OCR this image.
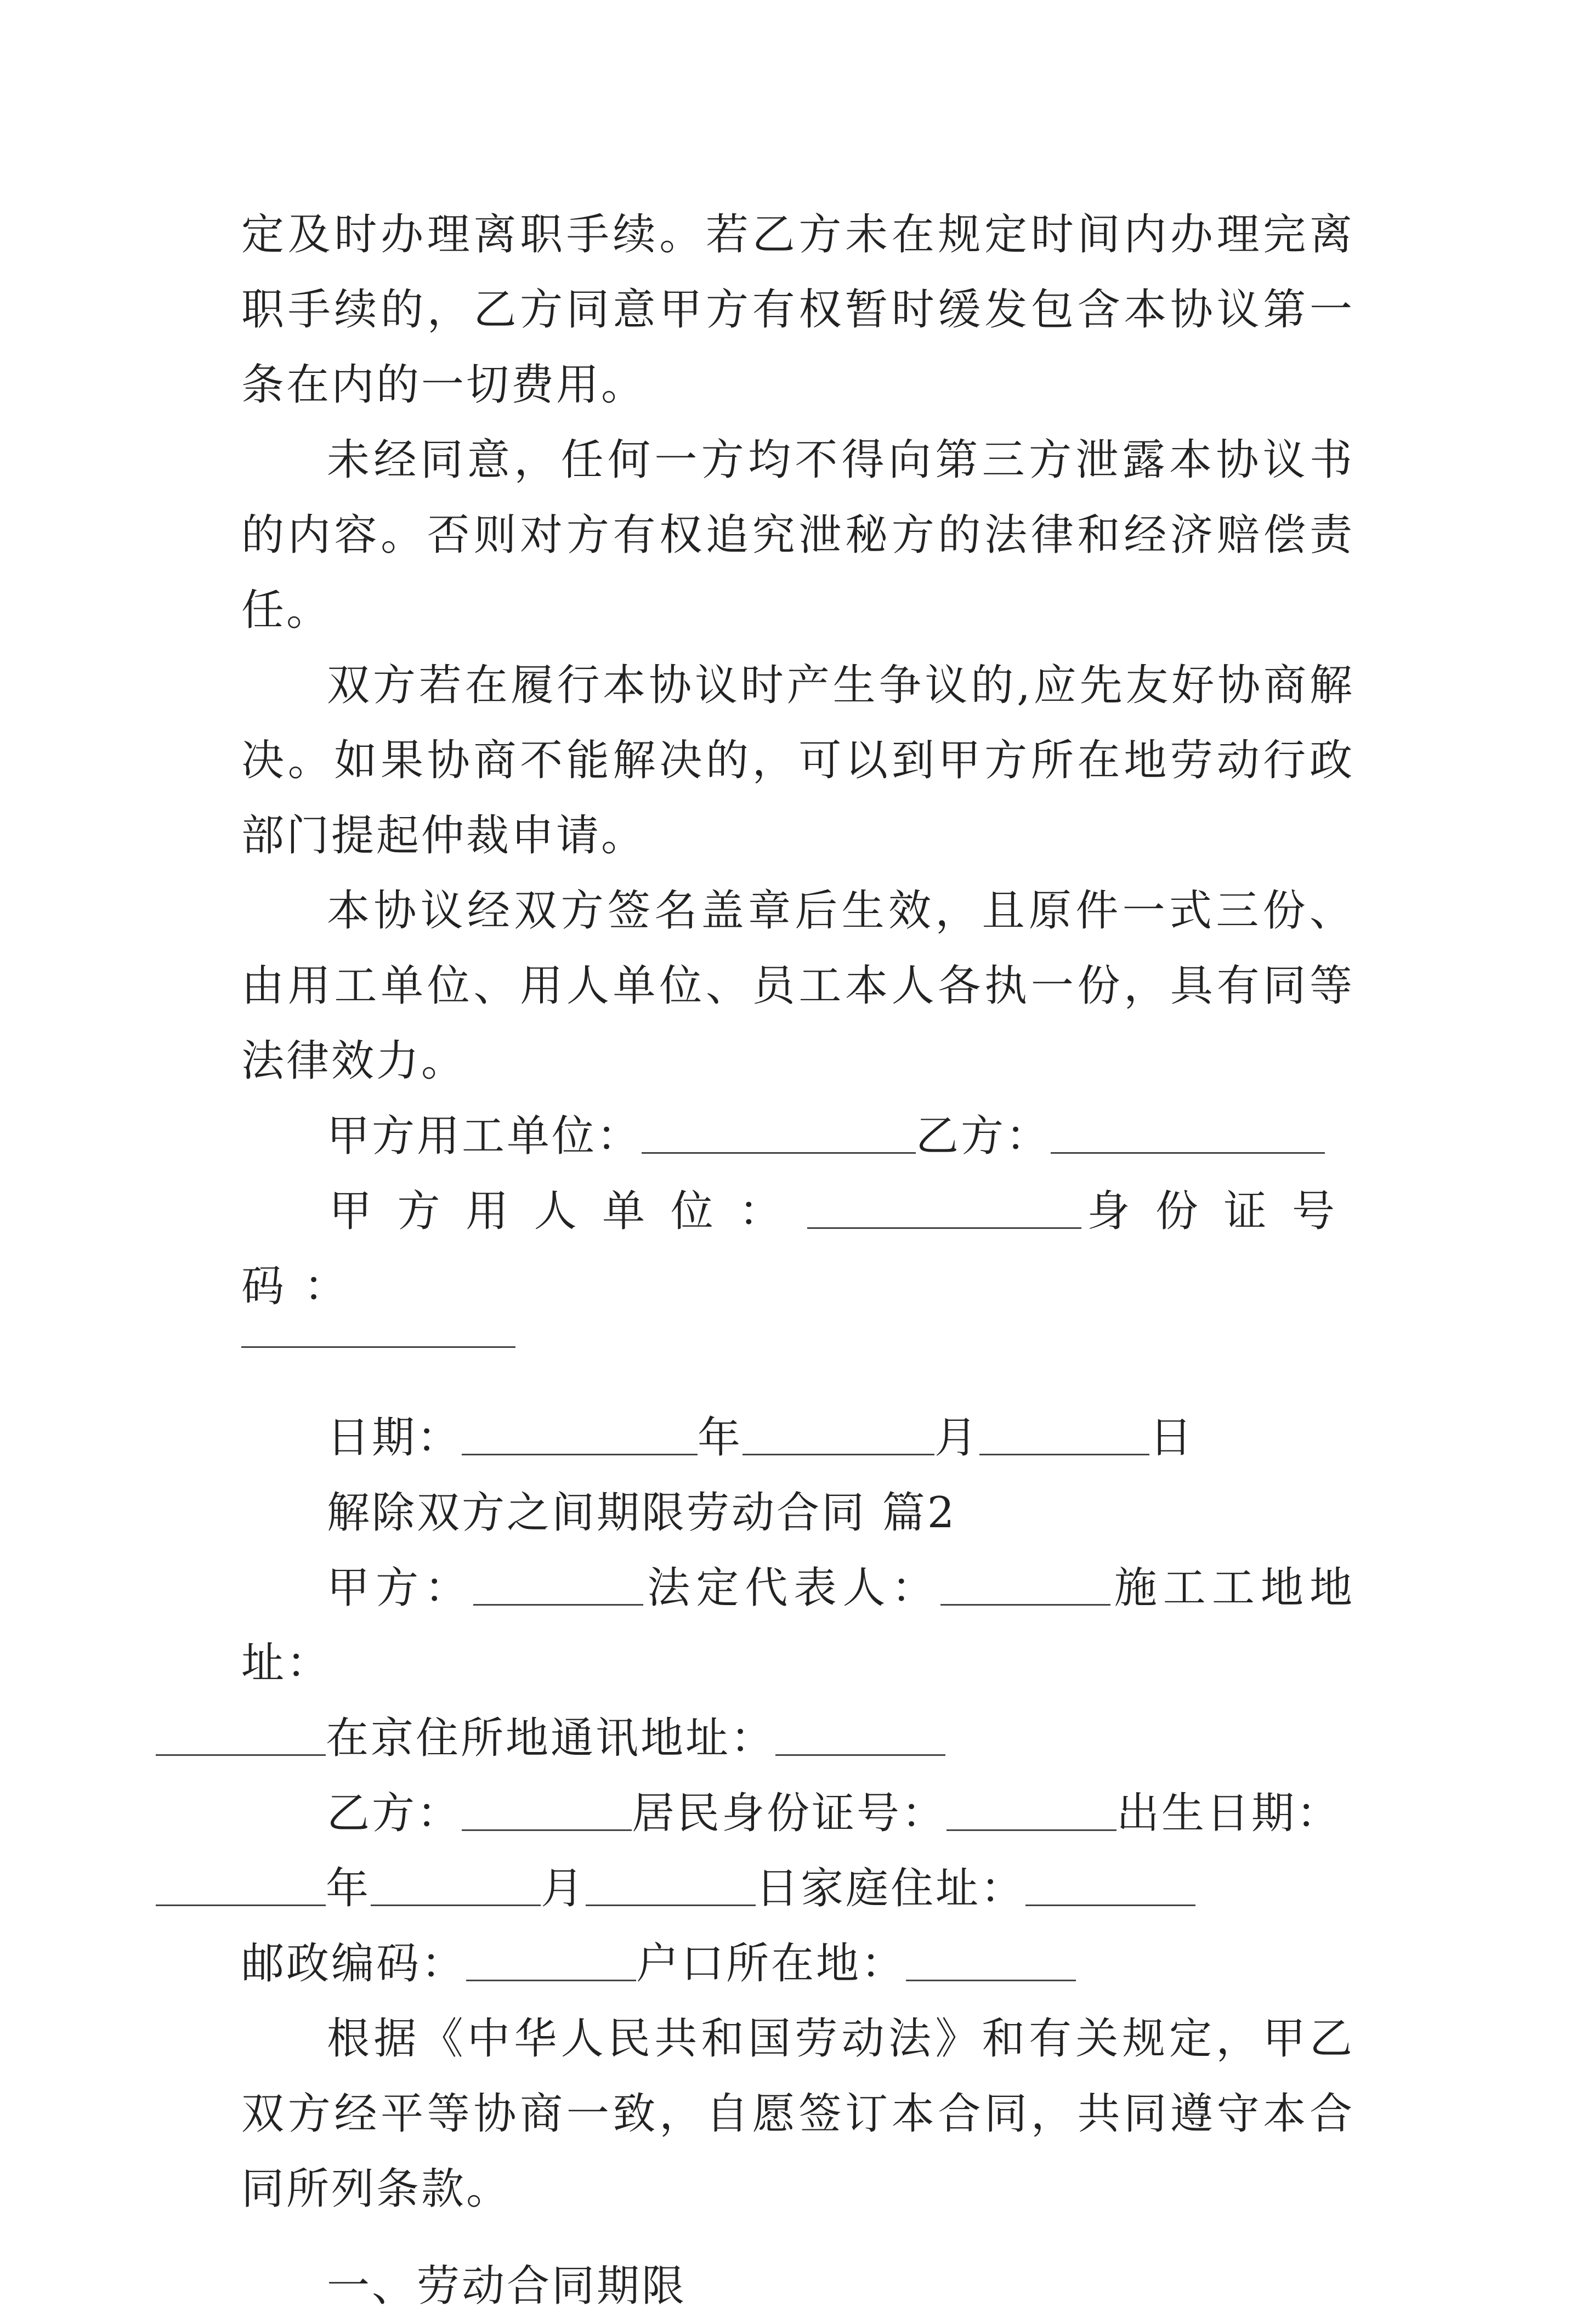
定及时办理离职手续。若乙方未在规定时间内办理完离职手续的，乙方同意甲方有权暂时缓发包含本协议第一条在内的一切费用。

未经同意，任何一方均不得向第三方泄露本协议书的内容。否则对方有权追究泄秘方的法律和经济赔偿责任。

双方若在履行本协议时产生争议的,应先友好协商解决。如果协商不能解决的，可以到甲方所在地劳动行政部门提起仲裁申请。

本协议经双方签名盖章后生效，且原件一式三份、由用工单位、用人单位、员工本人各执一份，具有同等法律效力。

甲方用工单位：	乙方：

甲方用人单位：	身份证号码：

日期：	年	月	日

解除双方之间期限劳动合同 篇2

甲方：	法定代表人：	施工工地地址：
在京住所地通讯地址：

乙方：	居民身份证号：	出生日期：
年	月	日家庭住址：

邮政编码：	户口所在地：

根据《中华人民共和国劳动法》和有关规定，甲乙双方经平等协商一致，自愿签订本合同，共同遵守本合同所列条款。

一、劳动合同期限
